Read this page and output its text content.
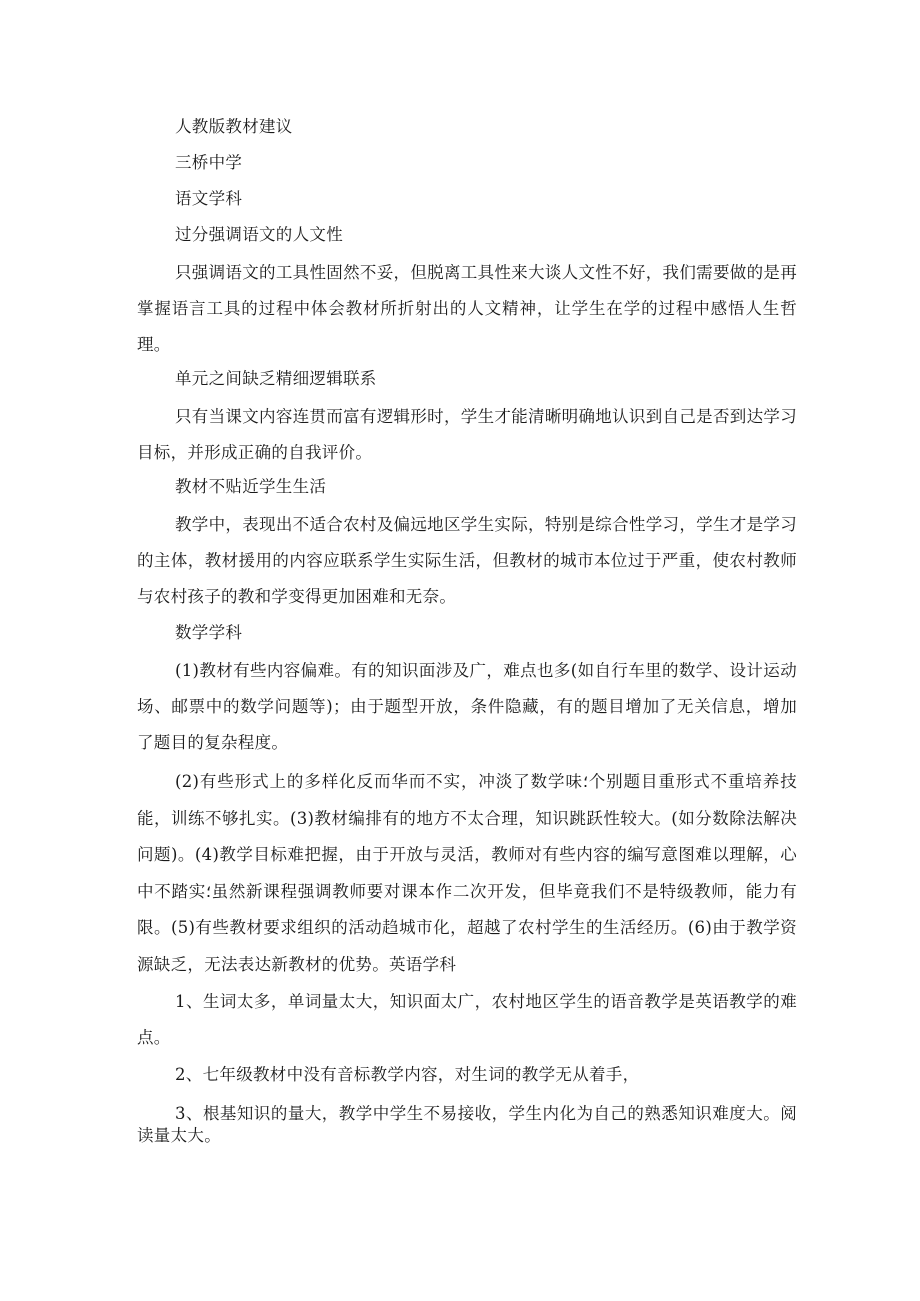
人教版教材建议

三桥中学

语文学科

过分强调语文的人文性

只强调语文的工具性固然不妥，但脱离工具性来大谈人文性不好，我们需要做的是再掌握语言工具的过程中体会教材所折射出的人文精神，让学生在学的过程中感悟人生哲理。

单元之间缺乏精细逻辑联系

只有当课文内容连贯而富有逻辑形时，学生才能清晰明确地认识到自己是否到达学习目标，并形成正确的自我评价。

教材不贴近学生生活

教学中，表现出不适合农村及偏远地区学生实际，特别是综合性学习，学生才是学习的主体，教材援用的内容应联系学生实际生活，但教材的城市本位过于严重，使农村教师与农村孩子的教和学变得更加困难和无奈。

数学学科

(1)教材有些内容偏难。有的知识面涉及广，难点也多(如自行车里的数学、设计运动场、邮票中的数学问题等)；由于题型开放，条件隐藏，有的题目增加了无关信息，增加了题目的复杂程度。

(2)有些形式上的多样化反而华而不实，冲淡了数学味؛个别题目重形式不重培养技能，训练不够扎实。(3)教材编排有的地方不太合理，知识跳跃性较大。(如分数除法解决问题)。(4)教学目标难把握，由于开放与灵活，教师对有些内容的编写意图难以理解，心中不踏实؛虽然新课程强调教师要对课本作二次开发，但毕竟我们不是特级教师，能力有限。(5)有些教材要求组织的活动趋城市化，超越了农村学生的生活经历。(6)由于教学资源缺乏，无法表达新教材的优势。英语学科

1、生词太多，单词量太大，知识面太广，农村地区学生的语音教学是英语教学的难点。

2、七年级教材中没有音标教学内容，对生词的教学无从着手，

3、根基知识的量大，教学中学生不易接收，学生内化为自己的熟悉知识难度大。阅读量太大。
